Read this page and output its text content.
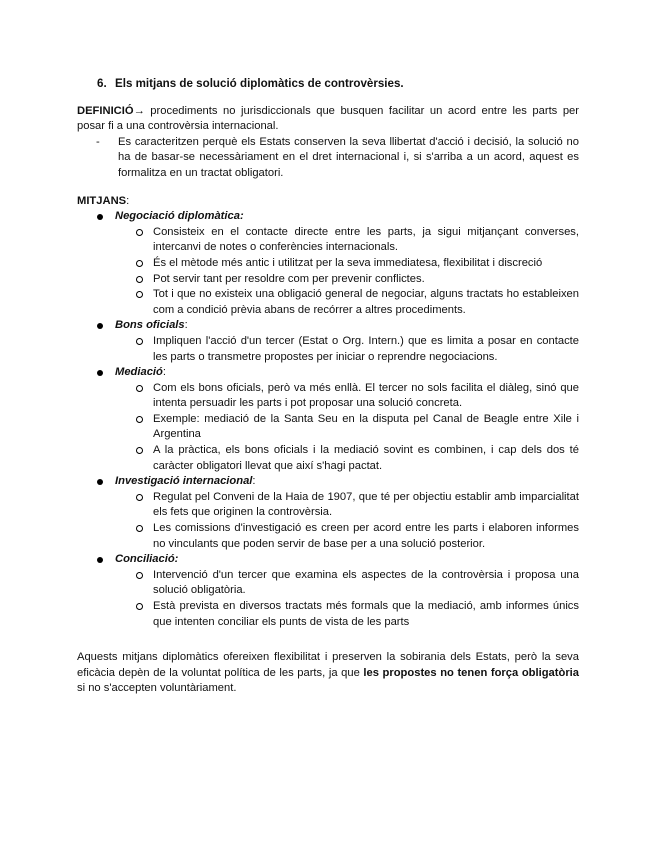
6. Els mitjans de solució diplomàtics de controvèrsies.

DEFINICIÓ→ procediments no jurisdiccionals que busquen facilitar un acord entre les parts per posar fi a una controvèrsia internacional.

- Es caracteritzen perquè els Estats conserven la seva llibertat d'acció i decisió, la solució no ha de basar-se necessàriament en el dret internacional i, si s'arriba a un acord, aquest es formalitza en un tractat obligatori.

MITJANS:

Negociació diplomàtica:
Consisteix en el contacte directe entre les parts, ja sigui mitjançant converses, intercanvi de notes o conferències internacionals.
És el mètode més antic i utilitzat per la seva immediatesa, flexibilitat i discreció
Pot servir tant per resoldre com per prevenir conflictes.
Tot i que no existeix una obligació general de negociar, alguns tractats ho estableixen com a condició prèvia abans de recórrer a altres procediments.
Bons oficials:
Impliquen l'acció d'un tercer (Estat o Org. Intern.) que es limita a posar en contacte les parts o transmetre propostes per iniciar o reprendre negociacions.
Mediació:
Com els bons oficials, però va més enllà. El tercer no sols facilita el diàleg, sinó que intenta persuadir les parts i pot proposar una solució concreta.
Exemple: mediació de la Santa Seu en la disputa pel Canal de Beagle entre Xile i Argentina
A la pràctica, els bons oficials i la mediació sovint es combinen, i cap dels dos té caràcter obligatori llevat que així s'hagi pactat.
Investigació internacional:
Regulat pel Conveni de la Haia de 1907, que té per objectiu establir amb imparcialitat els fets que originen la controvèrsia.
Les comissions d'investigació es creen per acord entre les parts i elaboren informes no vinculants que poden servir de base per a una solució posterior.
Conciliació:
Intervenció d'un tercer que examina els aspectes de la controvèrsia i proposa una solució obligatòria.
Està prevista en diversos tractats més formals que la mediació, amb informes únics que intenten conciliar els punts de vista de les parts

Aquests mitjans diplomàtics ofereixen flexibilitat i preserven la sobirania dels Estats, però la seva eficàcia depèn de la voluntat política de les parts, ja que les propostes no tenen força obligatòria si no s'accepten voluntàriament.
